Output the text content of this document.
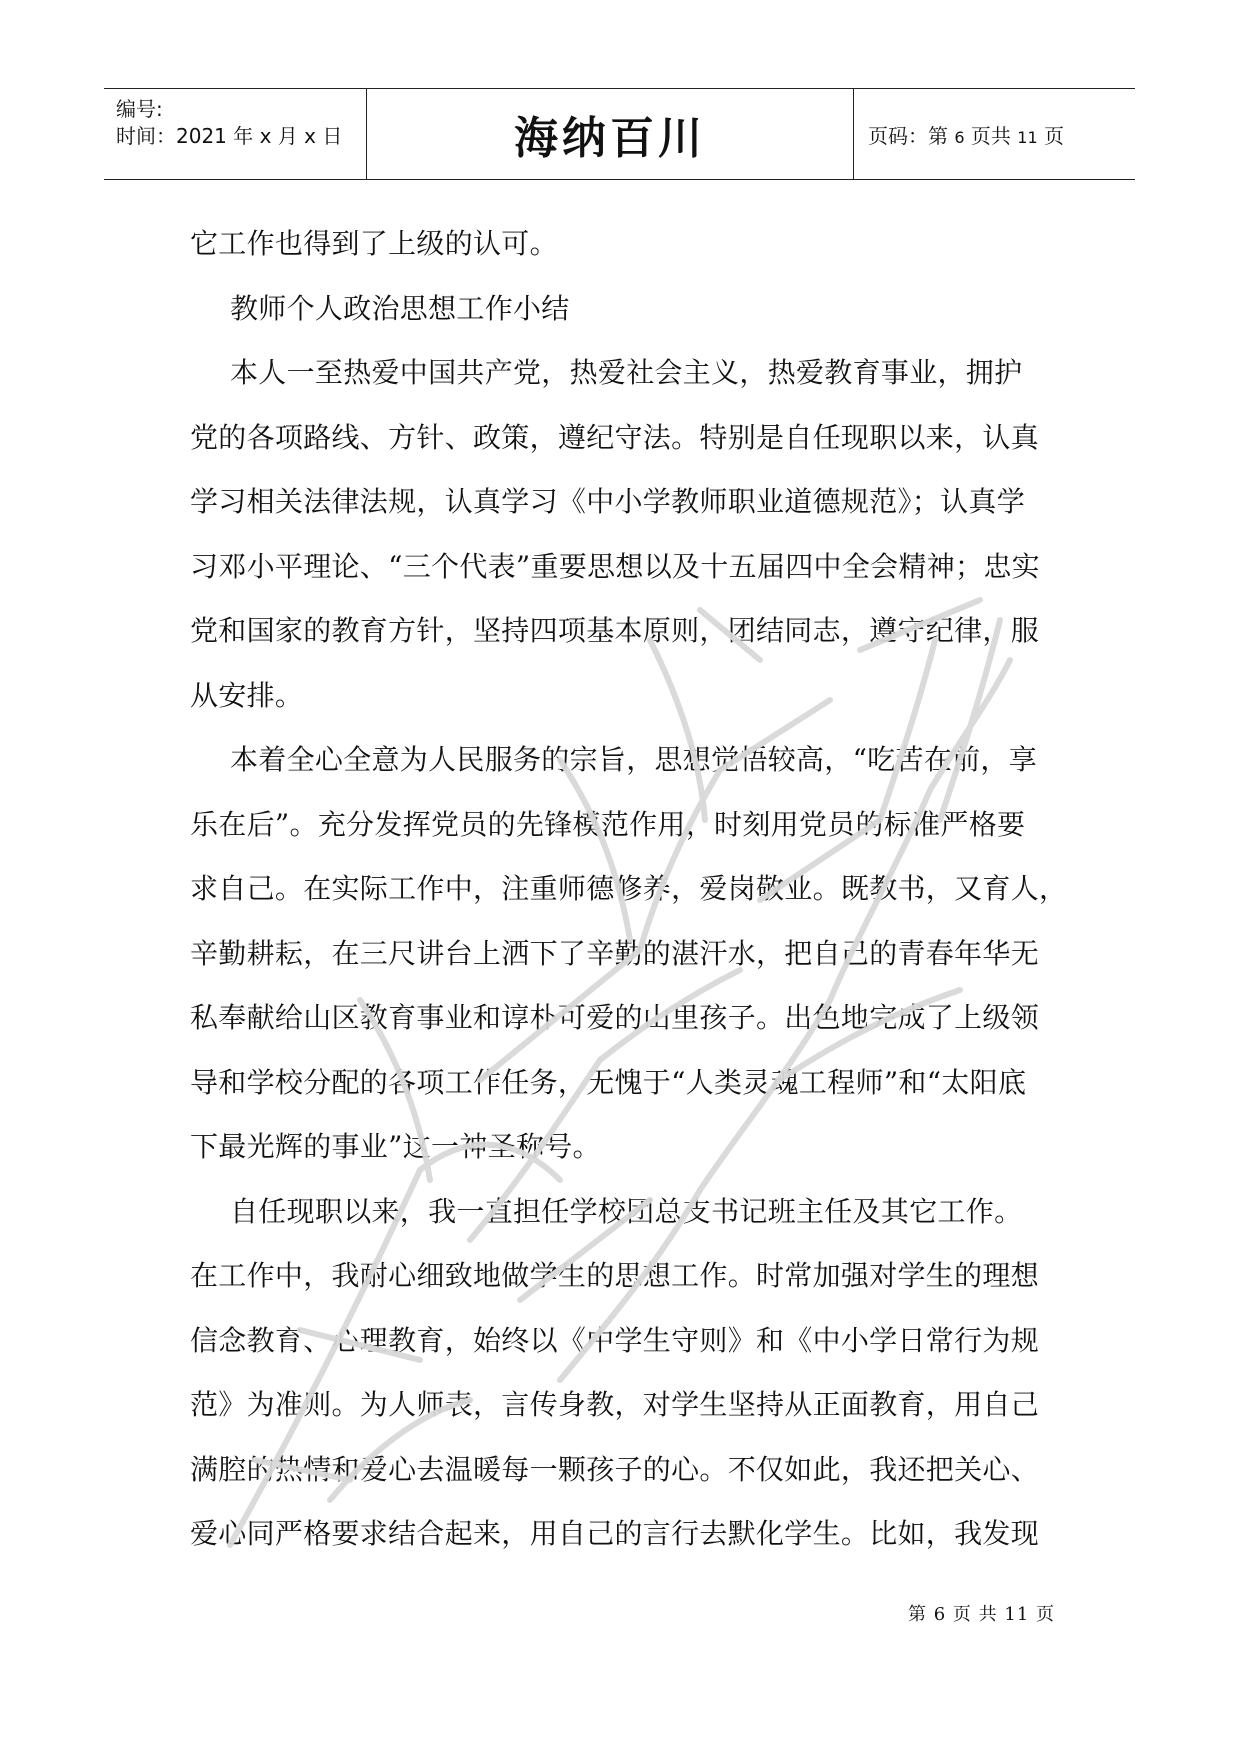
编号:
时间：2021 年 x 月 x 日	海纳百川	页码：第 6 页共 11 页
它工作也得到了上级的认可。
教师个人政治思想工作小结
本人一至热爱中国共产党，热爱社会主义，热爱教育事业，拥护
党的各项路线、方针、政策，遵纪守法。特别是自任现职以来，认真
学习相关法律法规，认真学习《中小学教师职业道德规范》；认真学
习邓小平理论、“三个代表”重要思想以及十五届四中全会精神；忠实
党和国家的教育方针，坚持四项基本原则，团结同志，遵守纪律，服
从安排。
本着全心全意为人民服务的宗旨，思想觉悟较高，“吃苦在前，享
乐在后”。充分发挥党员的先锋模范作用，时刻用党员的标准严格要
求自己。在实际工作中，注重师德修养，爱岗敬业。既教书，又育人，
辛勤耕耘，在三尺讲台上洒下了辛勤的湛汗水，把自己的青春年华无
私奉献给山区教育事业和谆朴可爱的山里孩子。出色地完成了上级领
导和学校分配的各项工作任务，无愧于“人类灵魂工程师”和“太阳底
下最光辉的事业”这一神圣称号。
自任现职以来，我一直担任学校团总支书记班主任及其它工作。
在工作中，我耐心细致地做学生的思想工作。时常加强对学生的理想
信念教育、心理教育，始终以《中学生守则》和《中小学日常行为规
范》为准则。为人师表，言传身教，对学生坚持从正面教育，用自己
满腔的热情和爱心去温暖每一颗孩子的心。不仅如此，我还把关心、
爱心同严格要求结合起来，用自己的言行去默化学生。比如，我发现
第 6 页 共 11 页
